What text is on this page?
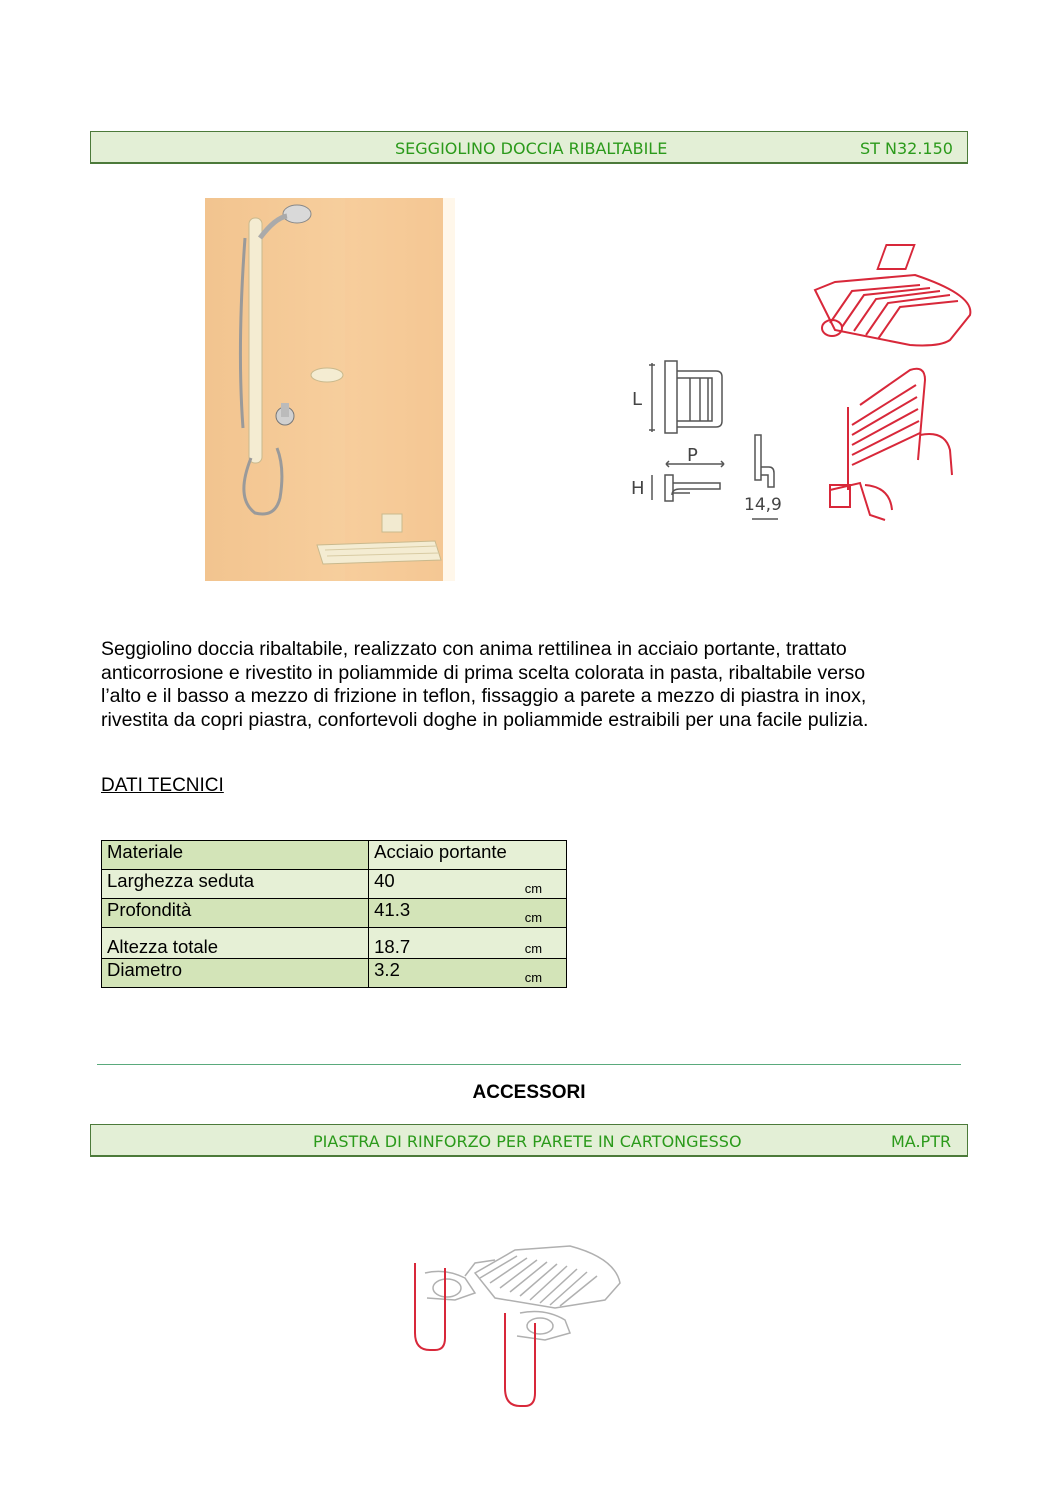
SEGGIOLINO DOCCIA RIBALTABILE	ST N32.150
L
P
H
14,9
Seggiolino doccia ribaltabile, realizzato con anima rettilinea in acciaio portante, trattato
anticorrosione e rivestito in poliammide di prima scelta colorata in pasta, ribaltabile verso
l’alto e il basso a mezzo di frizione in teflon, fissaggio a parete a mezzo di piastra in inox,
rivestita da copri piastra, confortevoli doghe in poliammide estraibili per una facile pulizia.
DATI TECNICI
Materiale	Acciaio portante	
Larghezza seduta	40	cm
Profondità	41.3	cm
Altezza totale	18.7	cm
Diametro	3.2	cm
ACCESSORI
PIASTRA DI RINFORZO PER PARETE IN CARTONGESSO	MA.PTR
